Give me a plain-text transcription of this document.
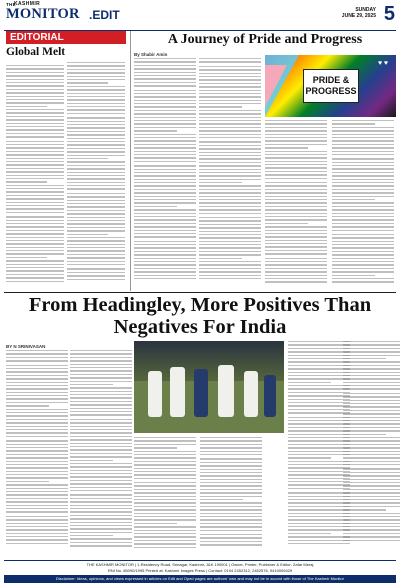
THE
KASHMIR
MONITOR .EDIT	SUNDAY
JUNE 29, 2025 5
EDITORIAL
Global Melt
A Journey of Pride and Progress
By Shabir Amin
♥ ♥
PRIDE & PROGRESS
From Headingley, More Positives Than Negatives For India
BY N SRINIVASAN
THE KASHMIR MONITOR | 1-Residency Road, Srinagar, Kashmir, J&K 190001 | Owner, Printer, Publisher & Editor: Zafar Meraj
RNI No. 65090/1995 Printed at: Kashmir Images Press | Contact: 0194 2452312, 2452576, 9419009429
Disclaimer: Ideas, opinions, and views expressed in articles on Edit and Oped pages are authors' own and may not be in accord with those of The Kashmir Monitor
